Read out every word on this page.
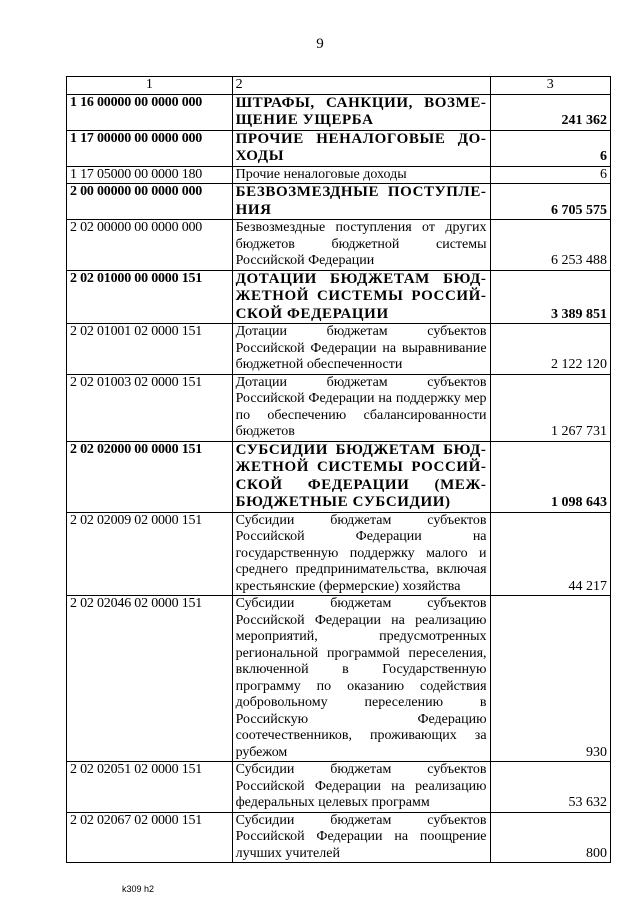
9
1	2	3
1 16 00000 00 0000 000	ШТРАФЫ, САНКЦИИ, ВОЗМЕ-ЩЕНИЕ УЩЕРБА	241 362
1 17 00000 00 0000 000	ПРОЧИЕ НЕНАЛОГОВЫЕ ДО-ХОДЫ	6
1 17 05000 00 0000 180	Прочие неналоговые доходы	6
2 00 00000 00 0000 000	БЕЗВОЗМЕЗДНЫЕ ПОСТУПЛЕ-НИЯ	6 705 575
2 02 00000 00 0000 000	Безвозмездные поступления от других бюджетов бюджетной системы Российской Федерации	6 253 488
2 02 01000 00 0000 151	ДОТАЦИИ БЮДЖЕТАМ БЮД-ЖЕТНОЙ СИСТЕМЫ РОССИЙ-СКОЙ ФЕДЕРАЦИИ	3 389 851
2 02 01001 02 0000 151	Дотации бюджетам субъектов Российской Федерации на выравнивание бюджетной обеспеченности	2 122 120
2 02 01003 02 0000 151	Дотации бюджетам субъектов Российской Федерации на поддержку мер по обеспечению сбалансированности бюджетов	1 267 731
2 02 02000 00 0000 151	СУБСИДИИ БЮДЖЕТАМ БЮД-ЖЕТНОЙ СИСТЕМЫ РОССИЙ-СКОЙ ФЕДЕРАЦИИ (МЕЖ-БЮДЖЕТНЫЕ СУБСИДИИ)	1 098 643
2 02 02009 02 0000 151	Субсидии бюджетам субъектов Российской Федерации на государственную поддержку малого и среднего предпринимательства, включая крестьянские (фермерские) хозяйства	44 217
2 02 02046 02 0000 151	Субсидии бюджетам субъектов Российской Федерации на реализацию мероприятий, предусмотренных региональной программой переселения, включенной в Государственную программу по оказанию содействия добровольному переселению в Российскую Федерацию соотечественников, проживающих за рубежом	930
2 02 02051 02 0000 151	Субсидии бюджетам субъектов Российской Федерации на реализацию федеральных целевых программ	53 632
2 02 02067 02 0000 151	Субсидии бюджетам субъектов Российской Федерации на поощрение лучших учителей	800
k309 h2
